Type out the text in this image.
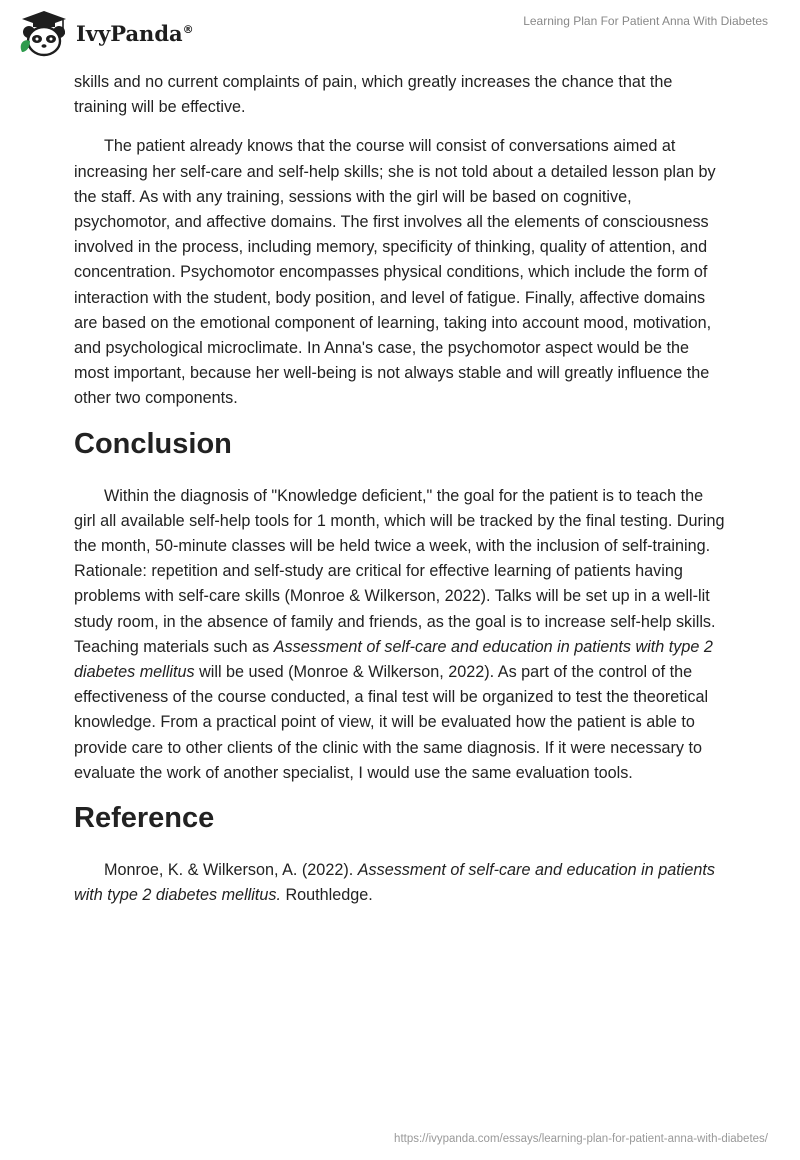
IvyPanda®
Learning Plan For Patient Anna With Diabetes

skills and no current complaints of pain, which greatly increases the chance that the training will be effective.

The patient already knows that the course will consist of conversations aimed at increasing her self-care and self-help skills; she is not told about a detailed lesson plan by the staff. As with any training, sessions with the girl will be based on cognitive, psychomotor, and affective domains. The first involves all the elements of consciousness involved in the process, including memory, specificity of thinking, quality of attention, and concentration. Psychomotor encompasses physical conditions, which include the form of interaction with the student, body position, and level of fatigue. Finally, affective domains are based on the emotional component of learning, taking into account mood, motivation, and psychological microclimate. In Anna's case, the psychomotor aspect would be the most important, because her well-being is not always stable and will greatly influence the other two components.

Conclusion

Within the diagnosis of "Knowledge deficient," the goal for the patient is to teach the girl all available self-help tools for 1 month, which will be tracked by the final testing. During the month, 50-minute classes will be held twice a week, with the inclusion of self-training. Rationale: repetition and self-study are critical for effective learning of patients having problems with self-care skills (Monroe & Wilkerson, 2022). Talks will be set up in a well-lit study room, in the absence of family and friends, as the goal is to increase self-help skills. Teaching materials such as Assessment of self-care and education in patients with type 2 diabetes mellitus will be used (Monroe & Wilkerson, 2022). As part of the control of the effectiveness of the course conducted, a final test will be organized to test the theoretical knowledge. From a practical point of view, it will be evaluated how the patient is able to provide care to other clients of the clinic with the same diagnosis. If it were necessary to evaluate the work of another specialist, I would use the same evaluation tools.

Reference

Monroe, K. & Wilkerson, A. (2022). Assessment of self-care and education in patients with type 2 diabetes mellitus. Routhledge.

https://ivypanda.com/essays/learning-plan-for-patient-anna-with-diabetes/
